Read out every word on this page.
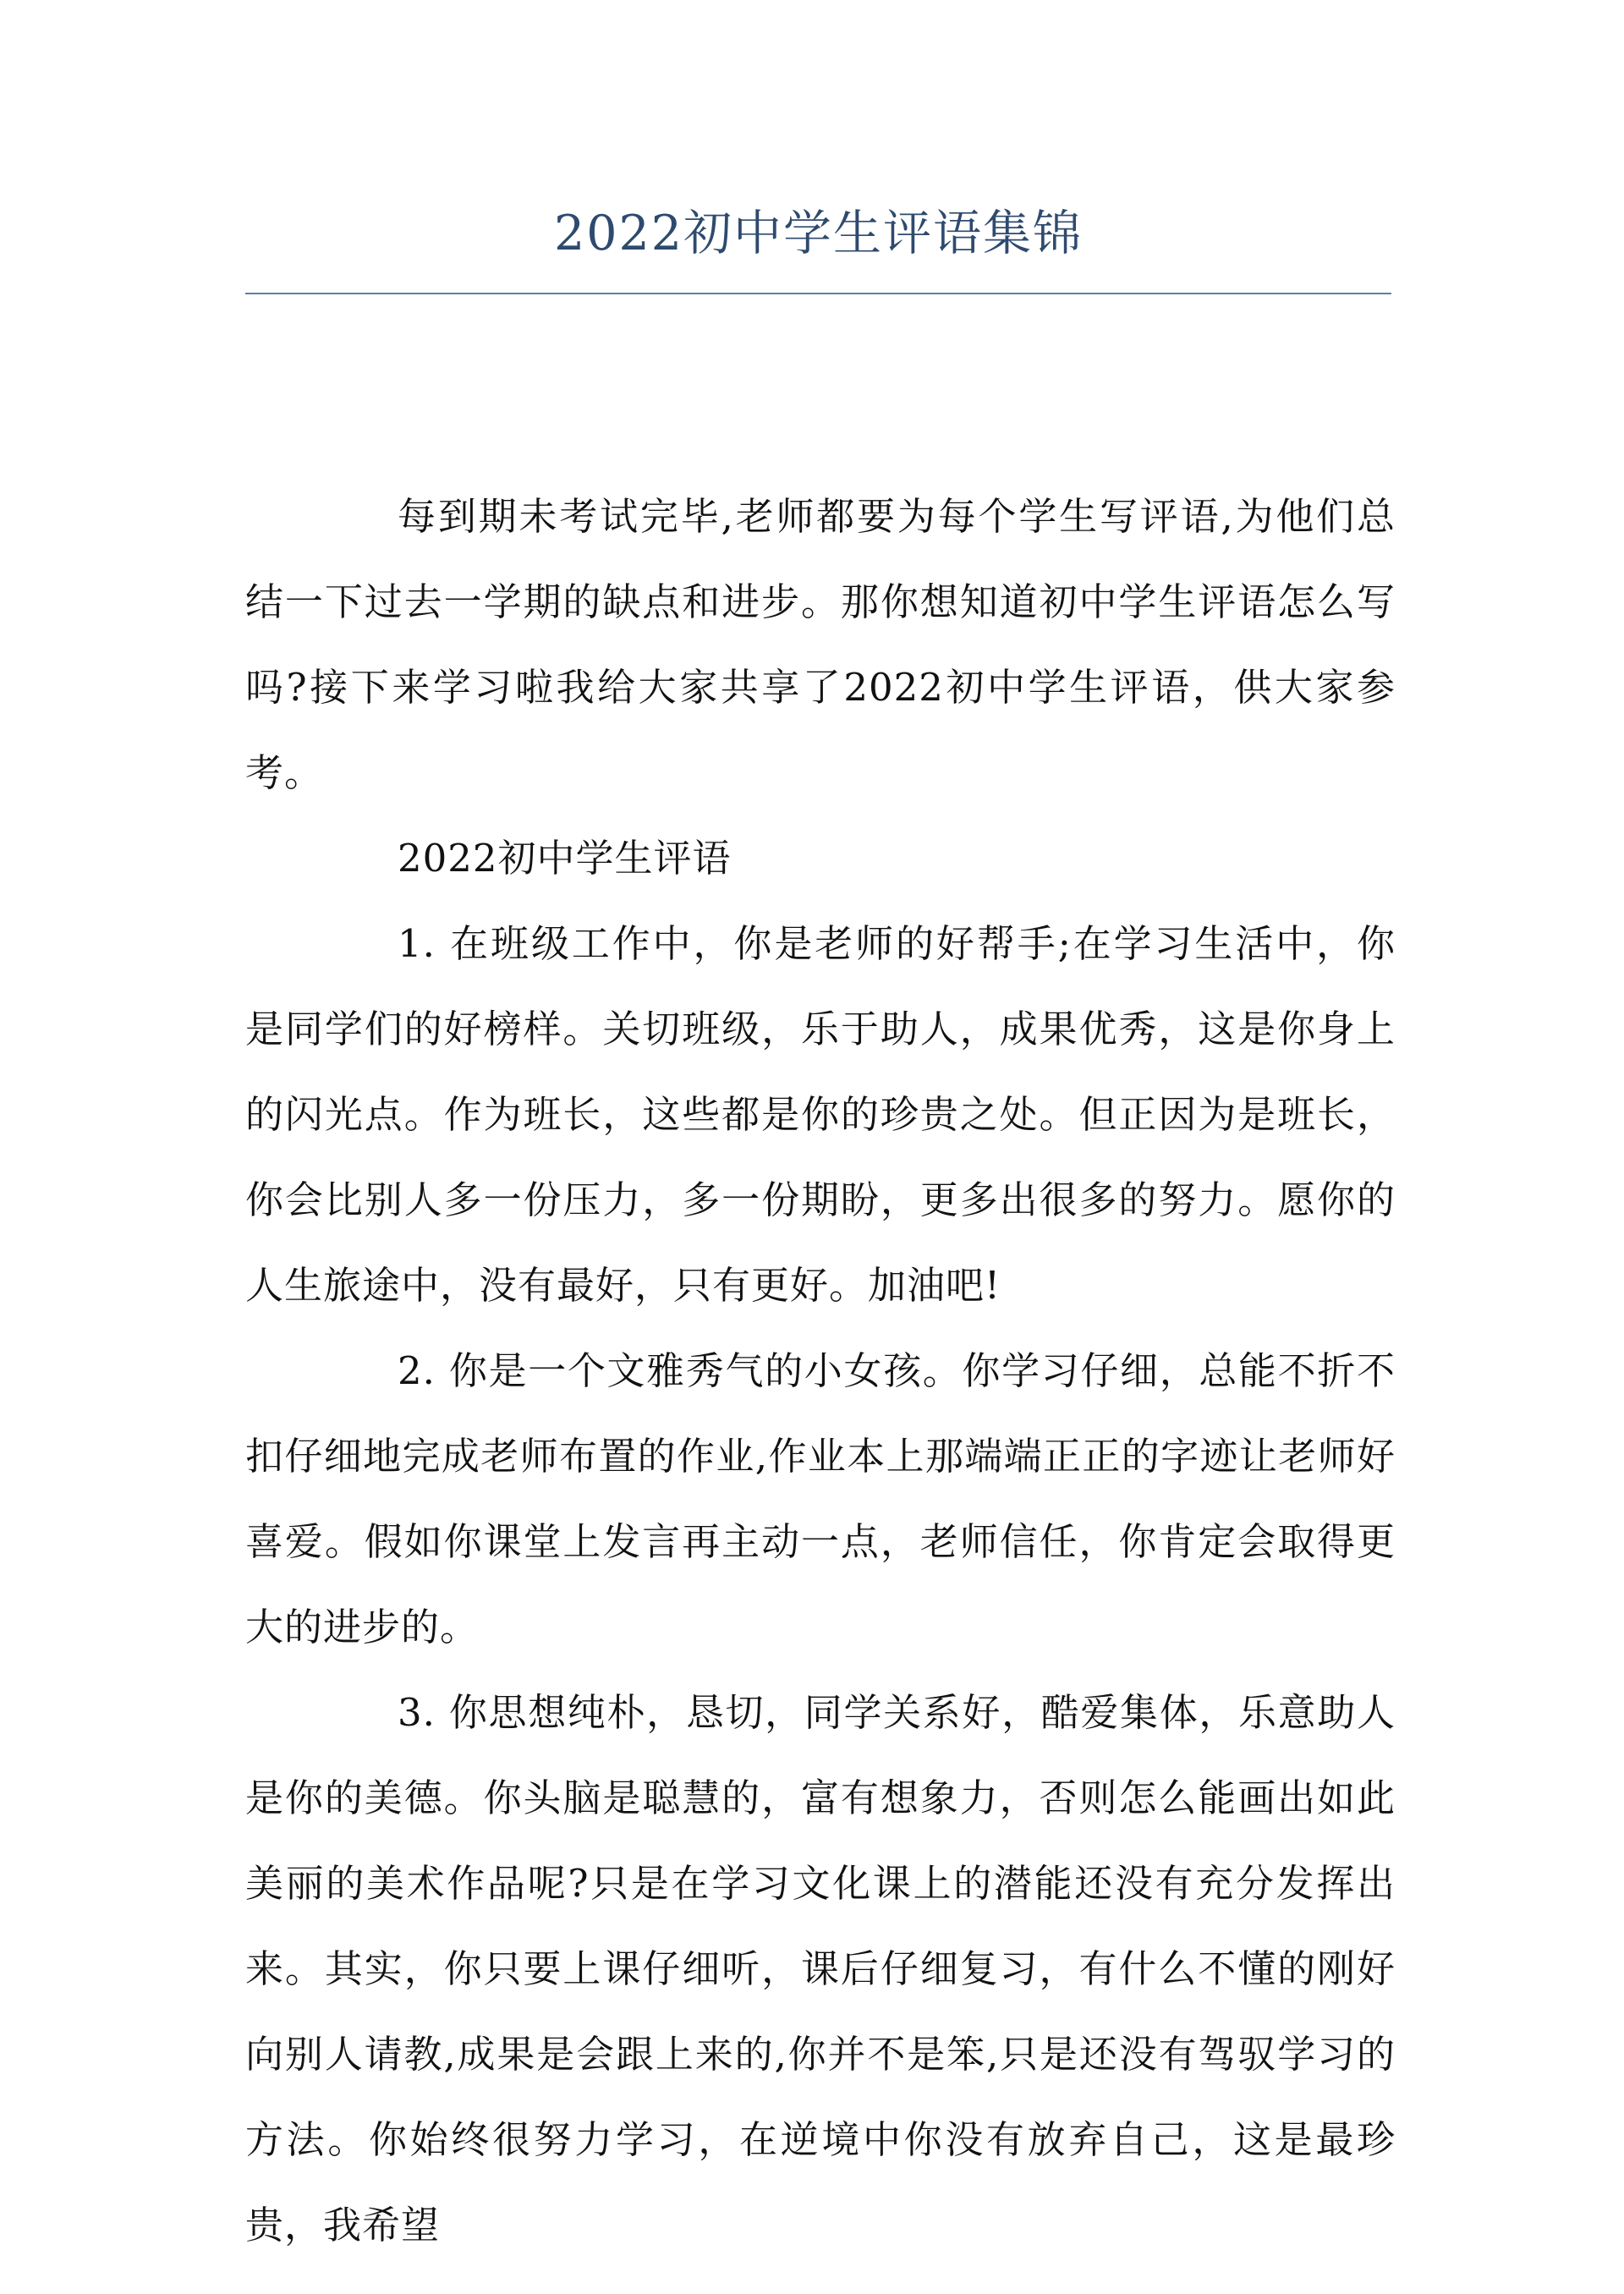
2022初中学生评语集锦

每到期未考试完毕,老师都要为每个学生写评语,为他们总结一下过去一学期的缺点和进步。那你想知道初中学生评语怎么写吗?接下来学习啦我给大家共享了2022初中学生评语，供大家参考。

2022初中学生评语

1. 在班级工作中，你是老师的好帮手;在学习生活中，你是同学们的好榜样。关切班级，乐于助人，成果优秀，这是你身上的闪光点。作为班长，这些都是你的珍贵之处。但正因为是班长，你会比别人多一份压力，多一份期盼，更多出很多的努力。愿你的人生旅途中，没有最好，只有更好。加油吧!

2. 你是一个文雅秀气的小女孩。你学习仔细，总能不折不扣仔细地完成老师布置的作业,作业本上那端端正正的字迹让老师好喜爱。假如你课堂上发言再主动一点，老师信任，你肯定会取得更大的进步的。

3. 你思想纯朴，恳切，同学关系好，酷爱集体，乐意助人是你的美德。你头脑是聪慧的，富有想象力，否则怎么能画出如此美丽的美术作品呢?只是在学习文化课上的潜能还没有充分发挥出来。其实，你只要上课仔细听，课后仔细复习，有什么不懂的刚好向别人请教,成果是会跟上来的,你并不是笨,只是还没有驾驭学习的方法。你始终很努力学习，在逆境中你没有放弃自己，这是最珍贵，我希望
